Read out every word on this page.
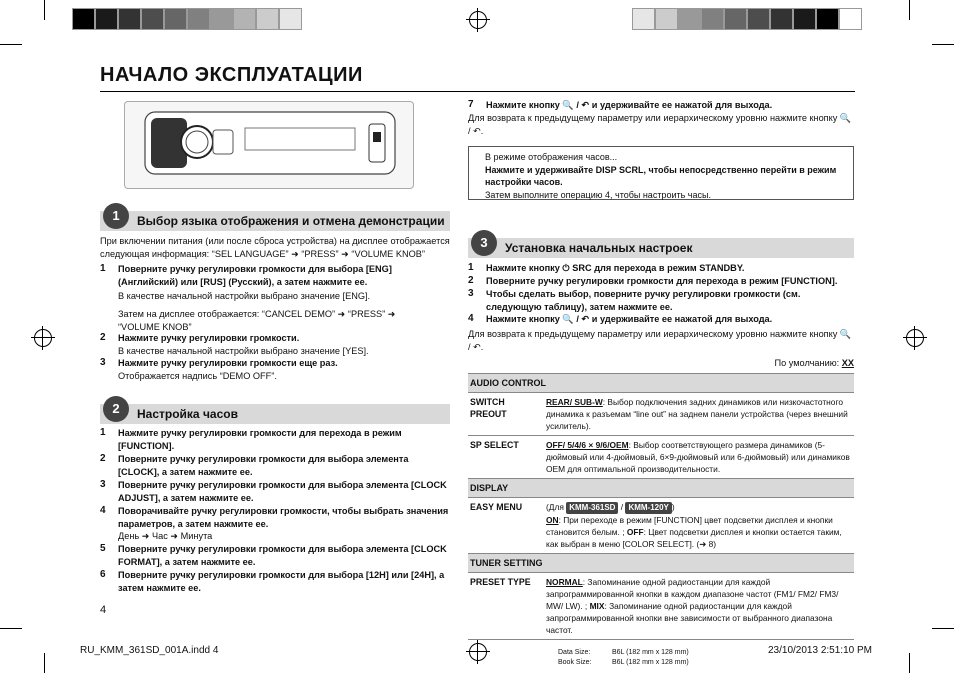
НАЧАЛО ЭКСПЛУАТАЦИИ
Выбор языка отображения и отмена демонстрации
1
При включении питания (или после сброса устройства) на дисплее отображается следующая информация: “SEL LANGUAGE” ➜ “PRESS” ➜ “VOLUME KNOB”
1 Поверните ручку регулировки громкости для выбора [ENG] (Английский) или [RUS] (Русский), а затем нажмите ее.
В качестве начальной настройки выбрано значение [ENG].
Затем на дисплее отображается: “CANCEL DEMO” ➜ “PRESS” ➜ “VOLUME KNOB”
2 Нажмите ручку регулировки громкости.
В качестве начальной настройки выбрано значение [YES].
3 Нажмите ручку регулировки громкости еще раз.
Отображается надпись “DEMO OFF”.
Настройка часов
2
1 Нажмите ручку регулировки громкости для перехода в режим [FUNCTION].
2 Поверните ручку регулировки громкости для выбора элемента [CLOCK], а затем нажмите ее.
3 Поверните ручку регулировки громкости для выбора элемента [CLOCK ADJUST], а затем нажмите ее.
4 Поворачивайте ручку регулировки громкости, чтобы выбрать значения параметров, а затем нажмите ее.
День ➜ Час ➜ Минута
5 Поверните ручку регулировки громкости для выбора элемента [CLOCK FORMAT], а затем нажмите ее.
6 Поверните ручку регулировки громкости для выбора [12H] или [24H], а затем нажмите ее.
4
7 Нажмите кнопку 🔍 / ↶ и удерживайте ее нажатой для выхода.
Для возврата к предыдущему параметру или иерархическому уровню нажмите кнопку 🔍 / ↶.
В режиме отображения часов...
Нажмите и удерживайте DISP SCRL, чтобы непосредственно перейти в режим настройки часов.
Затем выполните операцию 4, чтобы настроить часы.
Установка начальных настроек
3
1 Нажмите кнопку ⏻ SRC для перехода в режим STANDBY.
2 Поверните ручку регулировки громкости для перехода в режим [FUNCTION].
3 Чтобы сделать выбор, поверните ручку регулировки громкости (см. следующую таблицу), затем нажмите ее.
4 Нажмите кнопку 🔍 / ↶ и удерживайте ее нажатой для выхода.
Для возврата к предыдущему параметру или иерархическому уровню нажмите кнопку 🔍 / ↶.
По умолчанию: XX
AUDIO CONTROL	
SWITCH PREOUT	REAR/ SUB-W: Выбор подключения задних динамиков или низкочастотного динамика к разъемам “line out” на заднем панели устройства (через внешний усилитель).
SP SELECT	OFF/ 5/4/6 × 9/6/OEM: Выбор соответствующего размера динамиков (5-дюймовый или 4-дюймовый, 6×9-дюймовый или 6-дюймовый) или динамиков OEM для оптимальной производительности.
DISPLAY	
EASY MENU	(Для KMM-361SD / KMM-120Y )
ON: При переходе в режим [FUNCTION] цвет подсветки дисплея и кнопки становится белым. ; OFF: Цвет подсветки дисплея и кнопки остается таким, как выбран в меню [COLOR SELECT]. (➜ 8)
TUNER SETTING	
PRESET TYPE	NORMAL: Запоминание одной радиостанции для каждой запрограммированной кнопки в каждом диапазоне частот (FM1/ FM2/ FM3/ MW/ LW). ; MIX: Запоминание одной радиостанции для каждой запрограммированной кнопки вне зависимости от выбранного диапазона частот.
RU_KMM_361SD_001A.indd 4	Data Size:	B6L (182 mm x 128 mm)
Book Size:	B6L (182 mm x 128 mm)
23/10/2013 2:51:10 PM
